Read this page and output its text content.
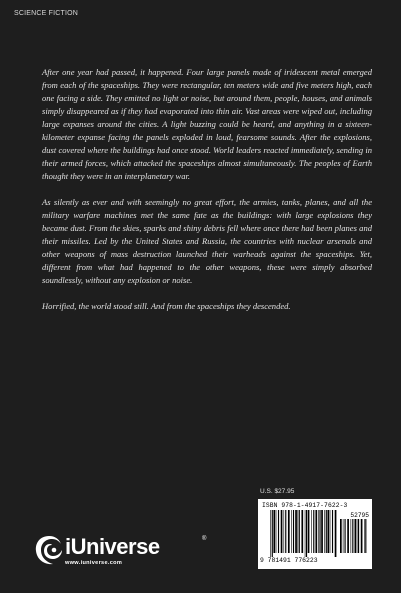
SCIENCE FICTION

After one year had passed, it happened. Four large panels made of iridescent metal emerged from each of the spaceships. They were rectangular, ten meters wide and five meters high, each one facing a side. They emitted no light or noise, but around them, people, houses, and animals simply disappeared as if they had evaporated into thin air. Vast areas were wiped out, including large expanses around the cities. A light buzzing could be heard, and anything in a sixteen-kilometer expanse facing the panels exploded in loud, fearsome sounds. After the explosions, dust covered where the buildings had once stood. World leaders reacted immediately, sending in their armed forces, which attacked the spaceships almost simultaneously. The peoples of Earth thought they were in an interplanetary war.

As silently as ever and with seemingly no great effort, the armies, tanks, planes, and all the military warfare machines met the same fate as the buildings: with large explosions they became dust. From the skies, sparks and shiny debris fell where once there had been planes and their missiles. Led by the United States and Russia, the countries with nuclear arsenals and other weapons of mass destruction launched their warheads against the spaceships. Yet, different from what had happened to the other weapons, these were simply absorbed soundlessly, without any explosion or noise.

Horrified, the world stood still. And from the spaceships they descended.

U.S. $27.95
ISBN 978-1-4917-7622-3
52795
9 781491 776223
iUniverse	®
www.iuniverse.com
